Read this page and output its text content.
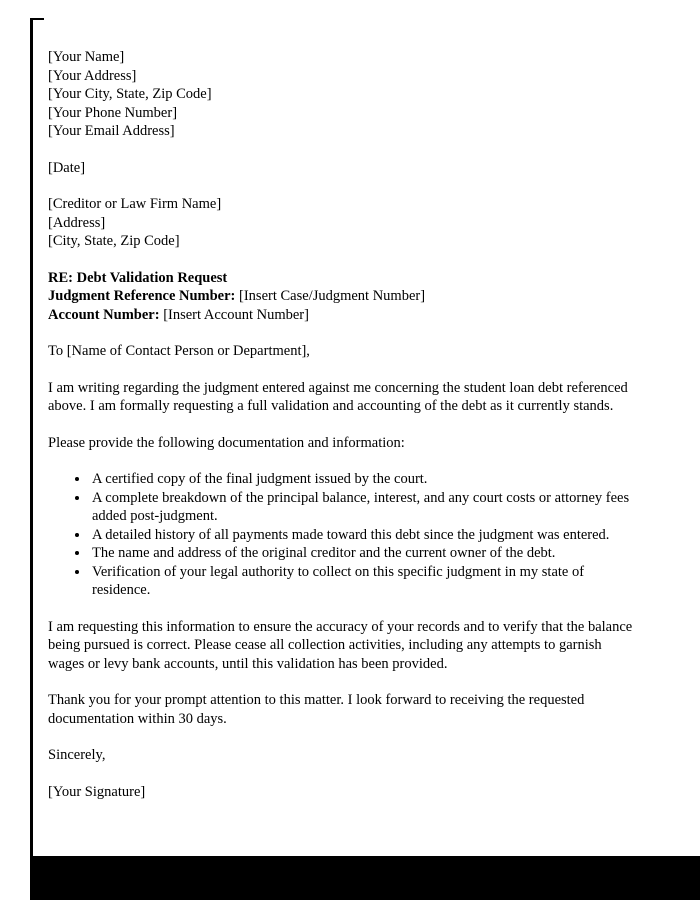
[Your Name]

[Your Address]

[Your City, State, Zip Code]

[Your Phone Number]

[Your Email Address]

[Date]

[Creditor or Law Firm Name]

[Address]

[City, State, Zip Code]

RE: Debt Validation Request

Judgment Reference Number: [Insert Case/Judgment Number]

Account Number: [Insert Account Number]

To [Name of Contact Person or Department],

I am writing regarding the judgment entered against me concerning the student loan debt referenced above. I am formally requesting a full validation and accounting of the debt as it currently stands.

Please provide the following documentation and information:

• A certified copy of the final judgment issued by the court.
• A complete breakdown of the principal balance, interest, and any court costs or attorney fees added post-judgment.
• A detailed history of all payments made toward this debt since the judgment was entered.
• The name and address of the original creditor and the current owner of the debt.
• Verification of your legal authority to collect on this specific judgment in my state of residence.

I am requesting this information to ensure the accuracy of your records and to verify that the balance being pursued is correct. Please cease all collection activities, including any attempts to garnish wages or levy bank accounts, until this validation has been provided.

Thank you for your prompt attention to this matter. I look forward to receiving the requested documentation within 30 days.

Sincerely,

[Your Signature]
